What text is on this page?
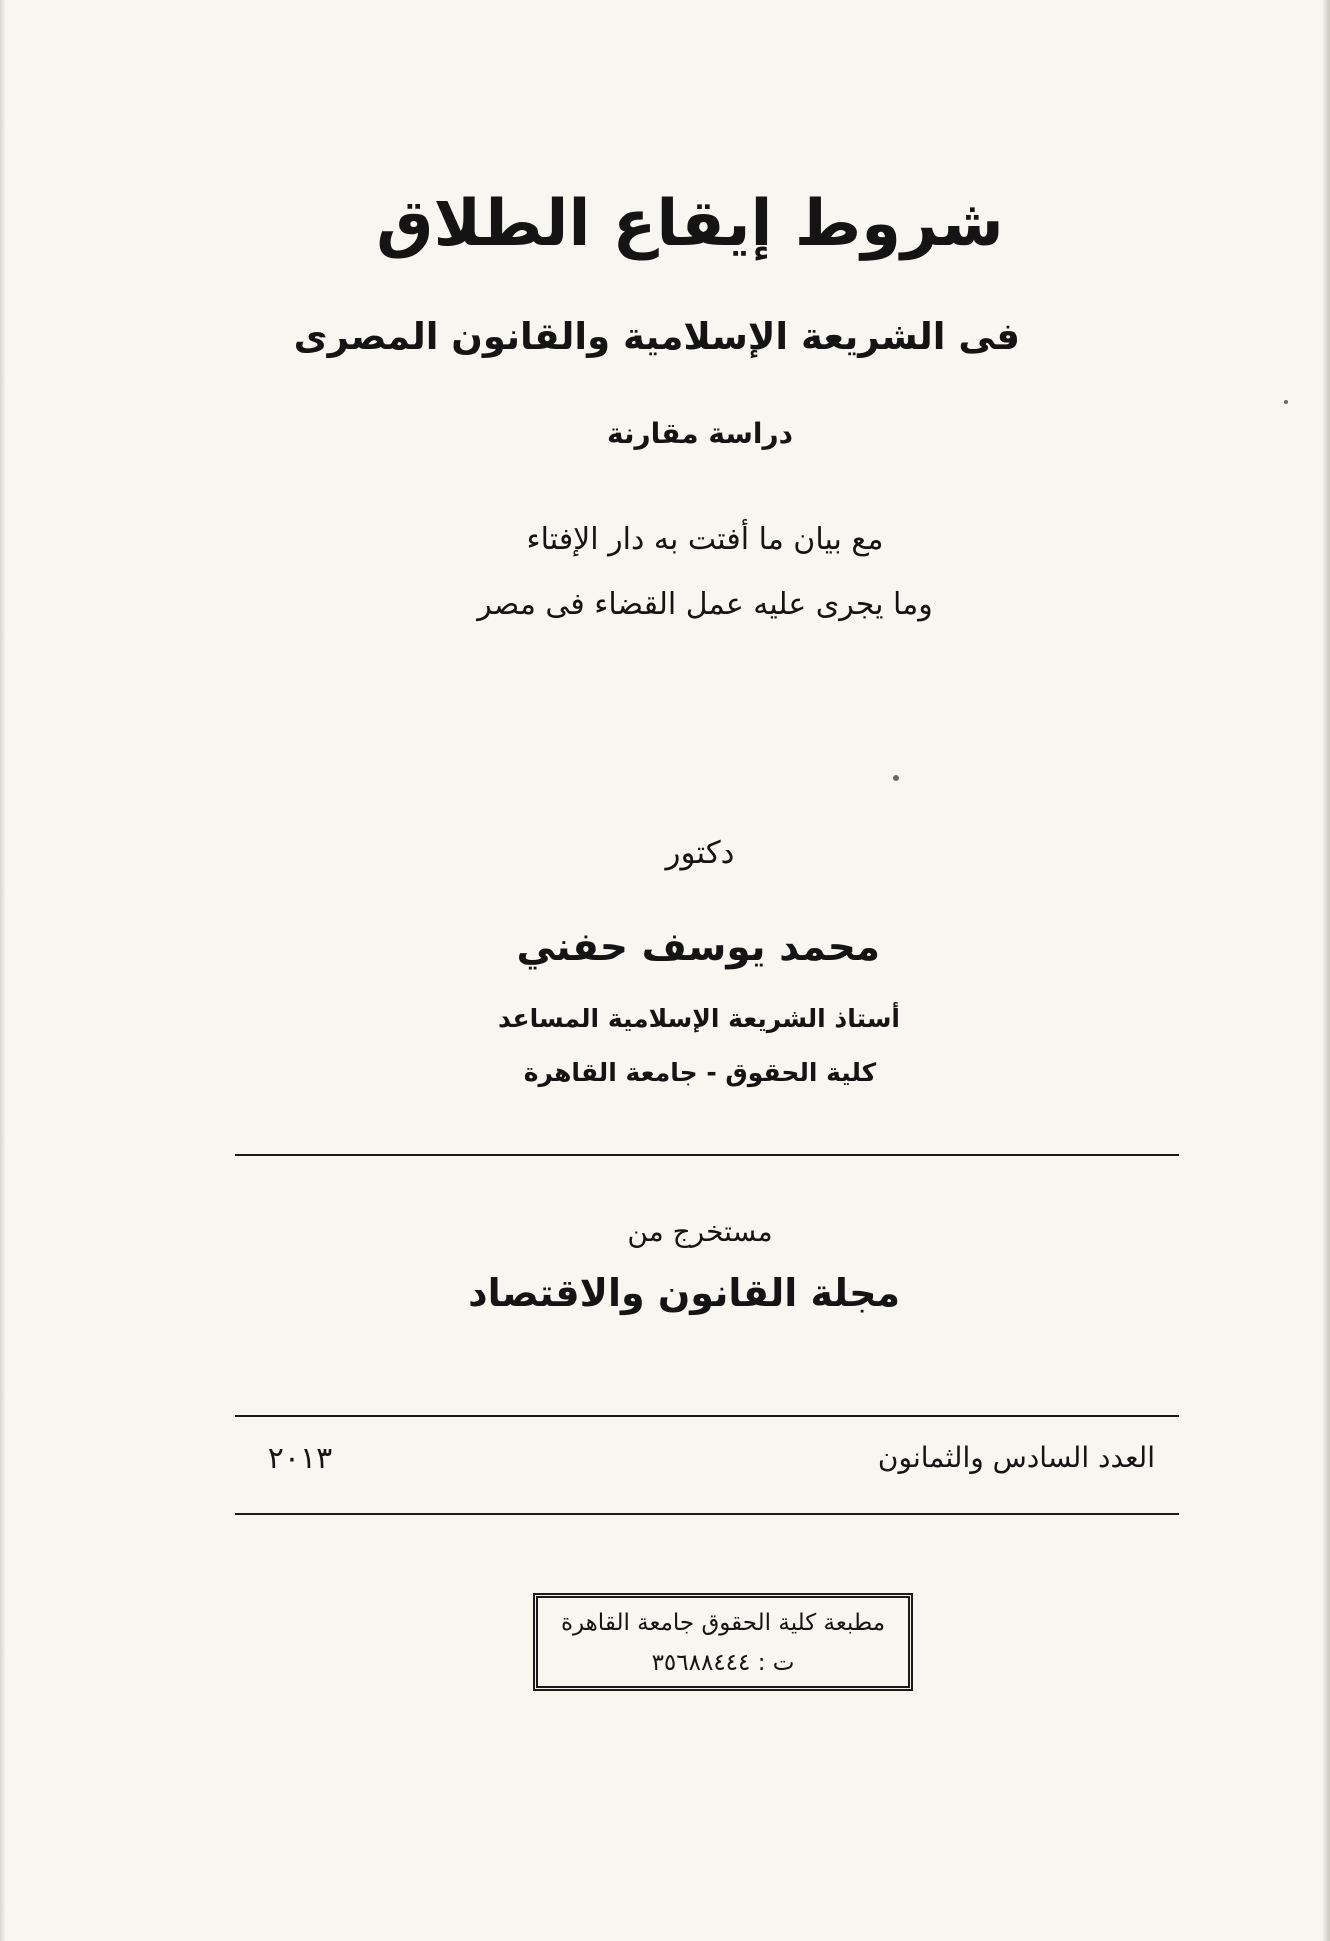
شروط إيقاع الطلاق
فى الشريعة الإسلامية والقانون المصرى
دراسة مقارنة
مع بيان ما أفتت به دار الإفتاء
وما يجرى عليه عمل القضاء فى مصر
دكتور
محمد يوسف حفني
أستاذ الشريعة الإسلامية المساعد
كلية الحقوق - جامعة القاهرة
مستخرج من
مجلة القانون والاقتصاد
العدد السادس والثمانون
٢٠١٣
مطبعة كلية الحقوق جامعة القاهرة
ت : ٣٥٦٨٨٤٤٤
